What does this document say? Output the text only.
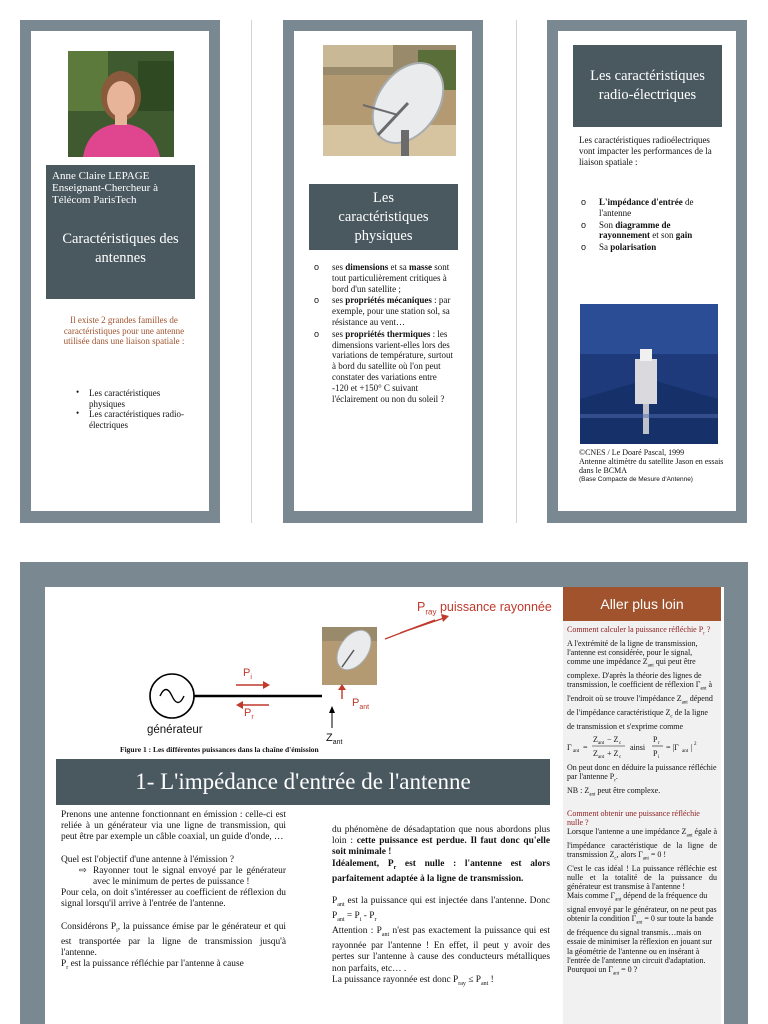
Anne Claire LEPAGE
Enseignant-Chercheur à
Télécom ParisTech
Caractéristiques des antennes
Il existe 2 grandes familles de caractéristiques pour une antenne utilisée dans une liaison spatiale :
• Les caractéristiques physiques
• Les caractéristiques radio-électriques
Les caractéristiques physiques
o ses dimensions et sa masse sont tout particulièrement critiques à bord d'un satellite ;
o ses propriétés mécaniques : par exemple, pour une station sol, sa résistance au vent…
o ses propriétés thermiques : les dimensions varient-elles lors des variations de température, surtout à bord du satellite où l'on peut constater des variations entre -120 et +150° C suivant l'éclairement ou non du soleil ?
Les caractéristiques radio-électriques
Les caractéristiques radioélectriques vont impacter les performances de la liaison spatiale :
o L'impédance d'entrée de l'antenne
o Son diagramme de rayonnement et son gain
o Sa polarisation
©CNES / Le Doaré Pascal, 1999
Antenne altimètre du satellite Jason en essais dans le BCMA
(Base Compacte de Mesure d'Antenne)
$P_{ray}$ puissance rayonnée
$P_i$
$P_r$
$P_{ant}$
$Z_{ant}$
générateur
Figure 1 : Les différentes puissances dans la chaîne d'émission
1- L'impédance d'entrée de l'antenne

Prenons une antenne fonctionnant en émission : celle-ci est reliée à un générateur via une ligne de transmission, qui peut être par exemple un câble coaxial, un guide d'onde, …

Quel est l'objectif d'une antenne à l'émission ?

⇨ Rayonner tout le signal envoyé par le générateur avec le minimum de pertes de puissance !

Pour cela, on doit s'intéresser au coefficient de réflexion du signal lorsqu'il arrive à l'entrée de l'antenne.

Considérons $P_i$, la puissance émise par le générateur et qui est transportée par la ligne de transmission jusqu'à l'antenne.

$P_r$ est la puissance réfléchie par l'antenne à cause

du phénomène de désadaptation que nous abordons plus loin : cette puissance est perdue. Il faut donc qu'elle soit minimale !

Idéalement, $P_r$ est nulle : l'antenne est alors parfaitement adaptée à la ligne de transmission.

$P_{ant}$ est la puissance qui est injectée dans l'antenne. Donc $P_{ant} = P_i - P_r$

Attention : $P_{ant}$ n'est pas exactement la puissance qui est rayonnée par l'antenne ! En effet, il peut y avoir des pertes sur l'antenne à cause des conducteurs métalliques non parfaits, etc… .

La puissance rayonnée est donc $P_{ray} \le P_{ant}$ !

Aller plus loin

Comment calculer la puissance réfléchie $P_r$ ?

A l'extrémité de la ligne de transmission, l'antenne est considérée, pour le signal, comme une impédance $Z_{ant}$ qui peut être complexe. D'après la théorie des lignes de transmission, le coefficient de réflexion $\Gamma_{ant}$ à l'endroit où se trouve l'impédance $Z_{ant}$ dépend de l'impédance caractéristique $Z_c$ de la ligne de transmission et s'exprime comme

Γ ant =
Z ant − Z c
Z ant + Z c
ainsi
P r
P i
= |Γ ant | 2

On peut donc en déduire la puissance réfléchie par l'antenne $P_r$.

NB : $Z_{ant}$ peut être complexe.

Comment obtenir une puissance réfléchie nulle ?

Lorsque l'antenne a une impédance $Z_{ant}$ égale à l'impédance caractéristique de la ligne de transmission $Z_c$, alors $\Gamma_{ant} = 0$ !

C'est le cas idéal ! La puissance réfléchie est nulle et la totalité de la puissance du générateur est transmise à l'antenne !

Mais comme $\Gamma_{ant}$ dépend de la fréquence du signal envoyé par le générateur, on ne peut pas obtenir la condition $\Gamma_{ant} = 0$ sur toute la bande de fréquence du signal transmis…mais on essaie de minimiser la réflexion en jouant sur la géométrie de l'antenne ou en insérant à l'entrée de l'antenne un circuit d'adaptation.

Pourquoi un $\Gamma_{ant} = 0$ ?
